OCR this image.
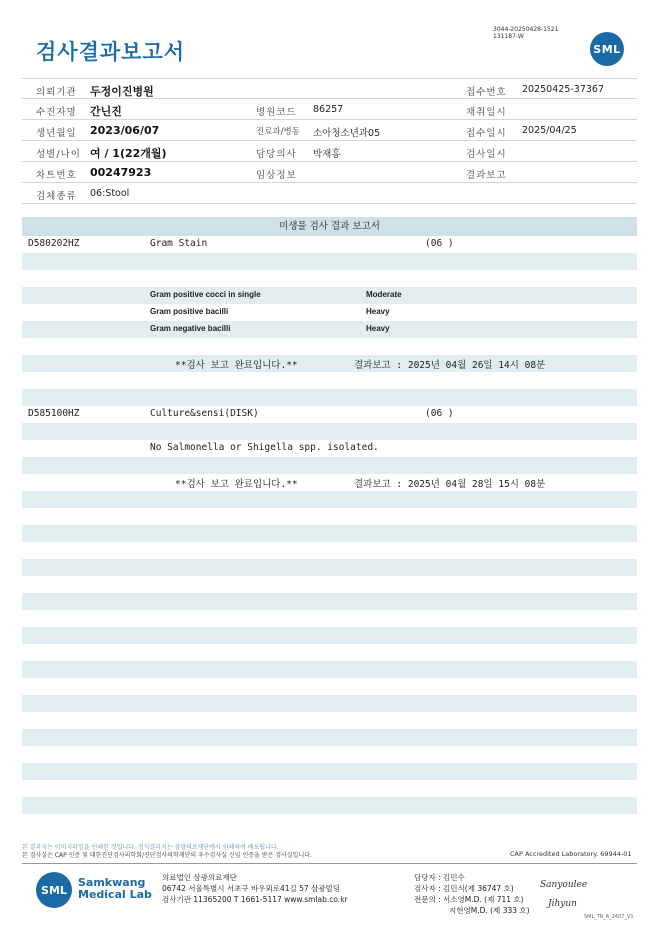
검사결과보고서
3044-20250428-1521
131187-W
SML
의뢰기관 두정이진병원	접수번호 20250425-37367
수진자명 간닌진	병원코드 86257	채취일시
생년월일 2023/06/07	진료과/병동 소아청소년과05	접수일시 2025/04/25
성별/나이 여 / 1(22개월)	담당의사 박재홍	검사일시
차트번호 00247923	임상정보	결과보고
검체종류 06:Stool
미생물 검사 결과 보고서
D580202HZ	Gram Stain	(06 )
Gram positive cocci in single	Moderate
Gram positive bacilli	Heavy
Gram negative bacilli	Heavy
**검사 보고 완료입니다.**	결과보고 : 2025년 04월 26일 14시 08분
D585100HZ	Culture&sensi(DISK)	(06 )
No Salmonella or Shigella spp. isolated.
**검사 보고 완료입니다.**	결과보고 : 2025년 04월 28일 15시 08분
본 결과지는 이미지파일을 인쇄한 것입니다. 정식결과지는 삼광의료재단에서 인쇄하여 배포됩니다.
본 검사실은 CAP 인증 및 대한진단검사의학회/진단검사의학재단의 우수검사실 신임 인증을 받은 검사실입니다.	CAP Accredited Laboratory. 69944-01
SML
Samkwang
Medical Lab
의료법인 삼광의료재단
06742 서울특별시 서초구 바우뫼로41길 57 삼광빌딩
검사기관 11365200 T 1661-5117 www.smlab.co.kr
담당자 : 김민수
검사자 : 김민식(제 36747 호)
전문의 : 서소영M.D. (제 711 호)
지현영M.D. (제 333 호)
Sanyoulee
Jihyun
SML_TR_A_2407_V1
